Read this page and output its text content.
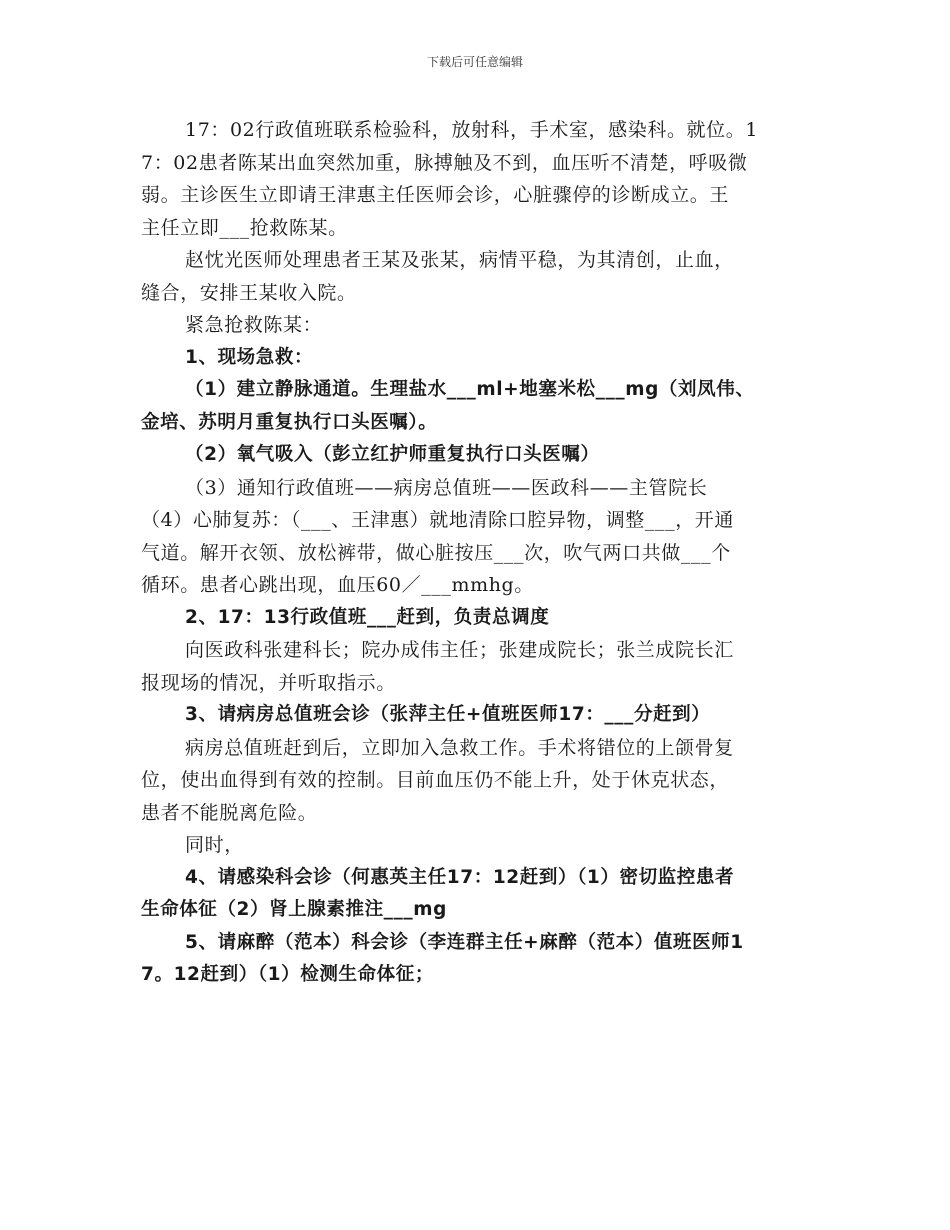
下载后可任意编辑

17：02行政值班联系检验科，放射科，手术室，感染科。就位。1

7：02患者陈某出血突然加重，脉搏触及不到，血压听不清楚，呼吸微

弱。主诊医生立即请王津惠主任医师会诊，心脏骤停的诊断成立。王

主任立即___抢救陈某。

赵忱光医师处理患者王某及张某，病情平稳，为其清创，止血，

缝合，安排王某收入院。

紧急抢救陈某：

1、现场急救：

（1）建立静脉通道。生理盐水___ml+地塞米松___mg（刘凤伟、

金培、苏明月重复执行口头医嘱）。

（2）氧气吸入（彭立红护师重复执行口头医嘱）

（3）通知行政值班——病房总值班——医政科——主管院长

（4）心肺复苏：（___、王津惠）就地清除口腔异物，调整___，开通

气道。解开衣领、放松裤带，做心脏按压___次，吹气两口共做___个

循环。患者心跳出现，血压60／___mmhg。

2、17：13行政值班___赶到，负责总调度

向医政科张建科长；院办成伟主任；张建成院长；张兰成院长汇

报现场的情况，并听取指示。

3、请病房总值班会诊（张萍主任+值班医师17：___分赶到）

病房总值班赶到后，立即加入急救工作。手术将错位的上颌骨复

位，使出血得到有效的控制。目前血压仍不能上升，处于休克状态，

患者不能脱离危险。

同时，

4、请感染科会诊（何惠英主任17：12赶到）（1）密切监控患者

生命体征（2）肾上腺素推注___mg

5、请麻醉（范本）科会诊（李连群主任+麻醉（范本）值班医师1

7。12赶到）（1）检测生命体征；
